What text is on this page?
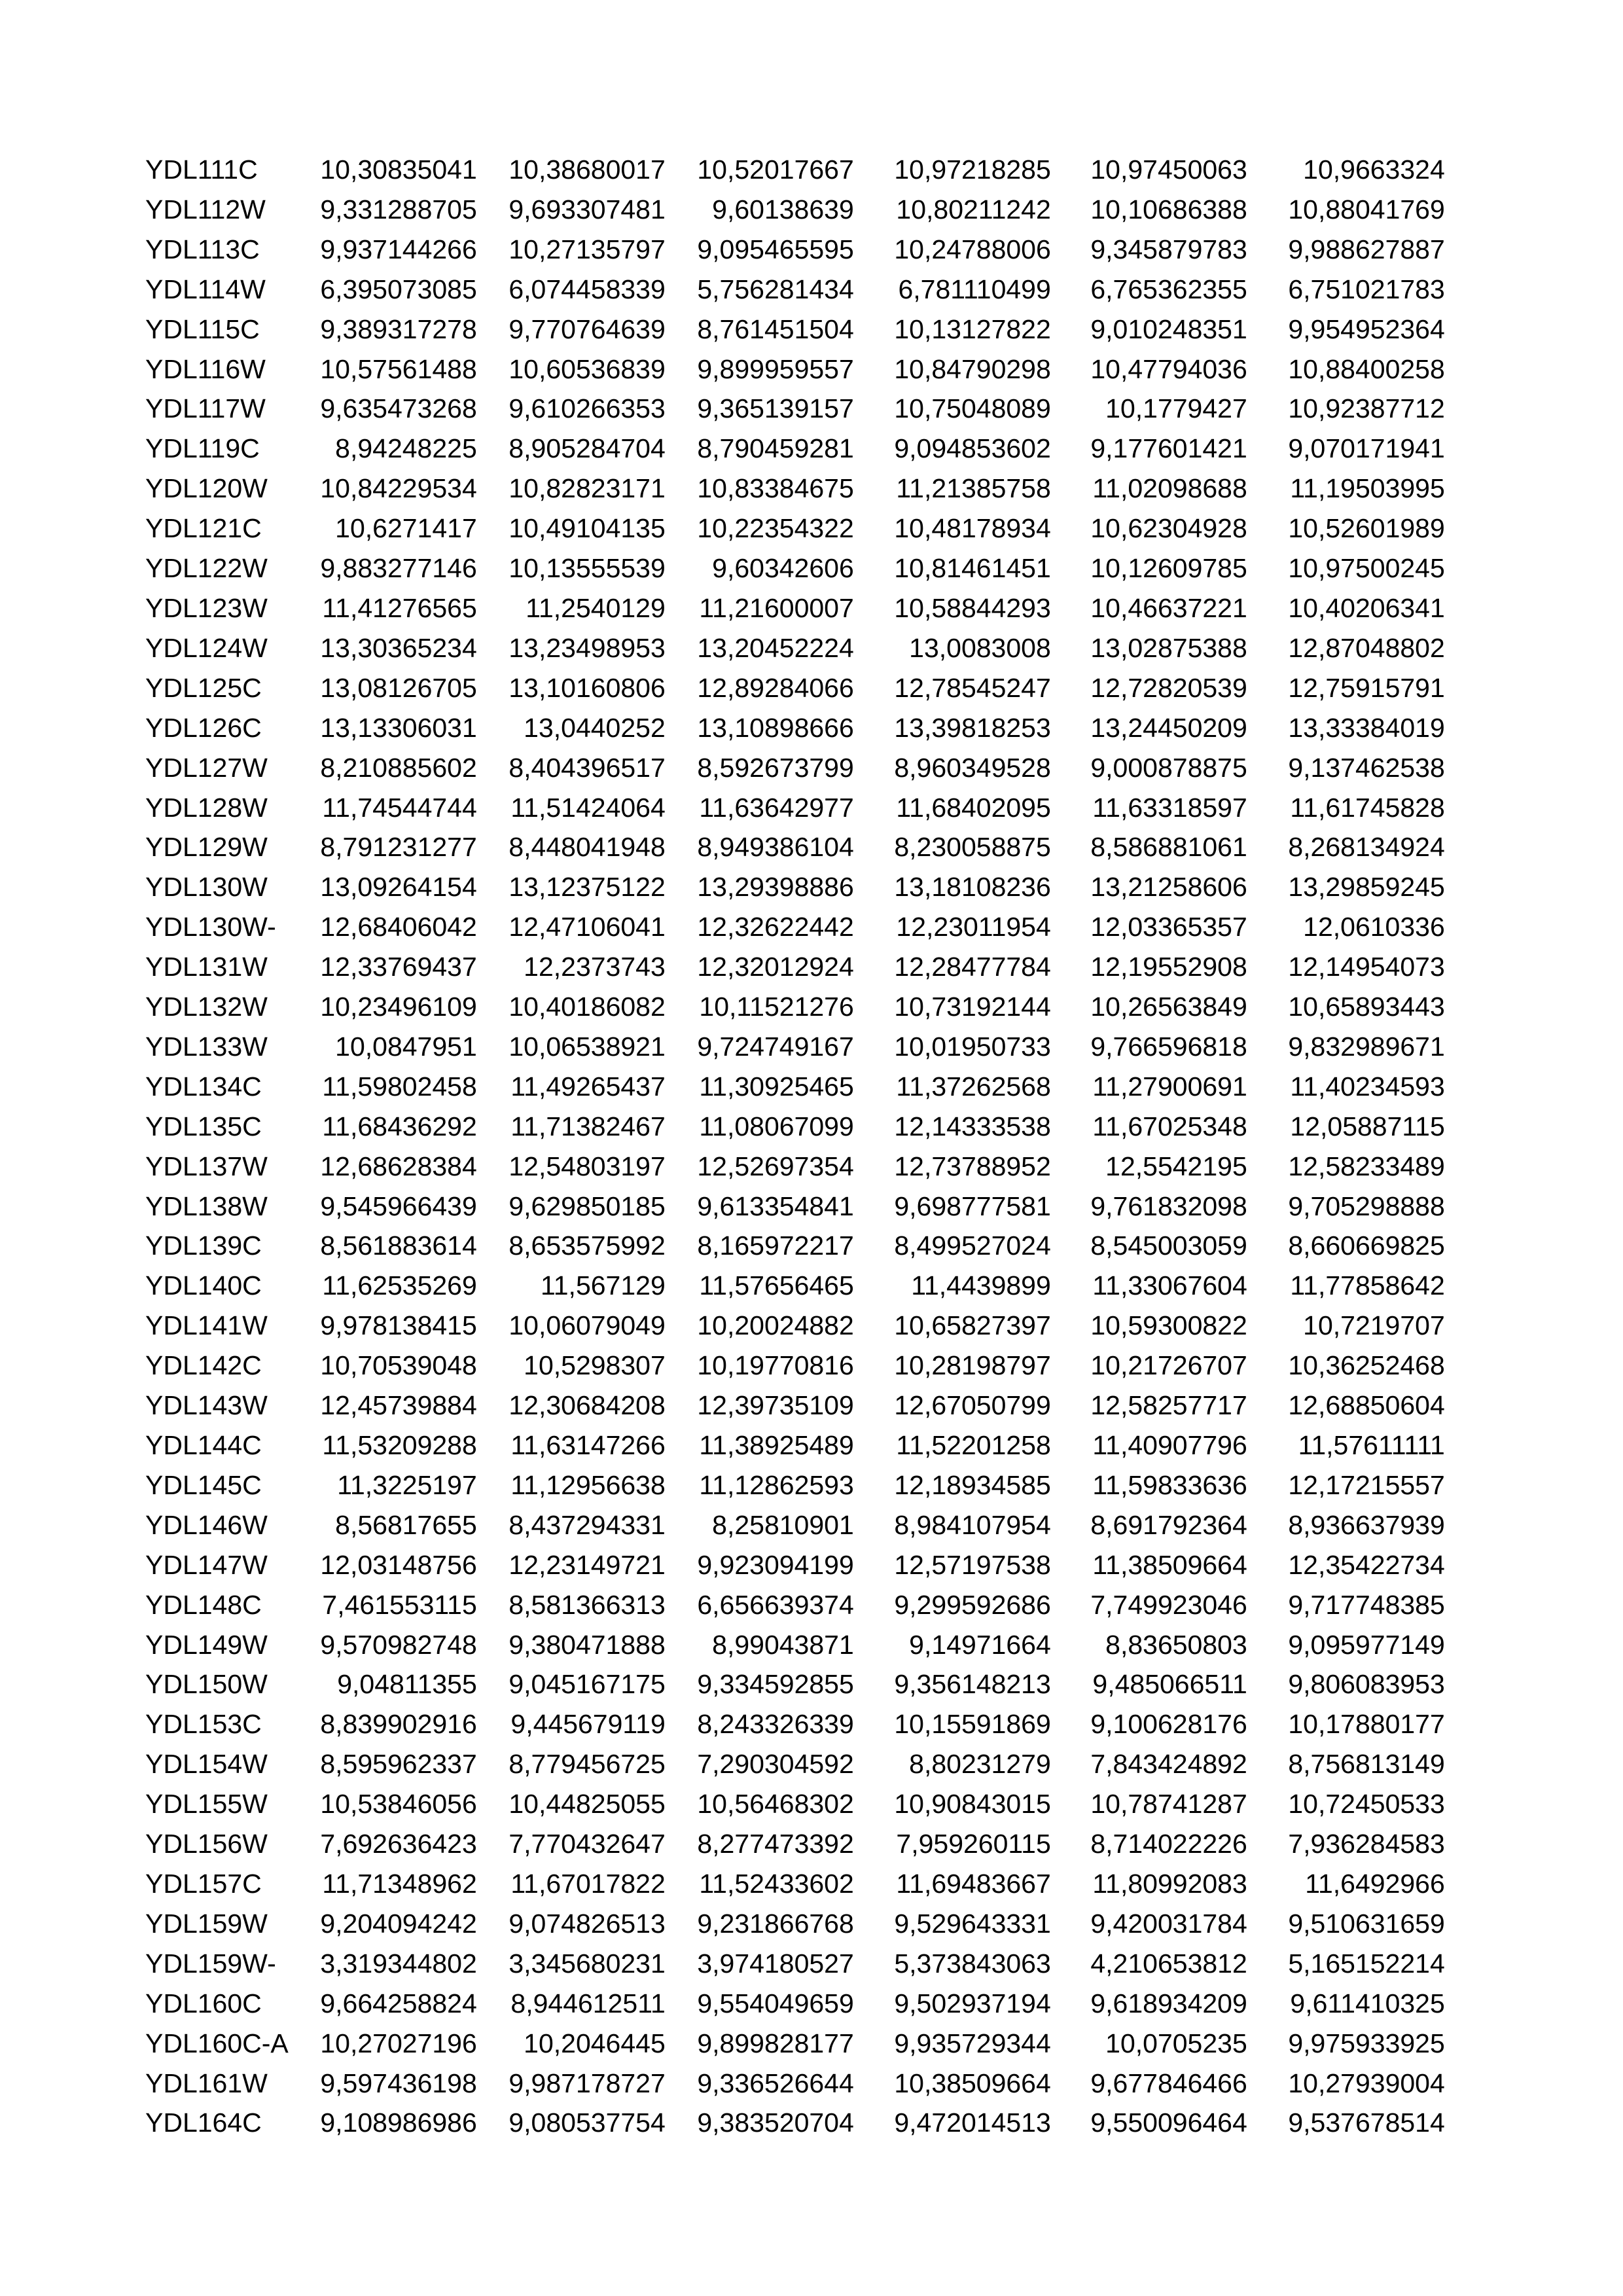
YDL111C	10,30835041	10,38680017	10,52017667	10,97218285	10,97450063	10,9663324
YDL112W	9,331288705	9,693307481	9,60138639	10,80211242	10,10686388	10,88041769
YDL113C	9,937144266	10,27135797	9,095465595	10,24788006	9,345879783	9,988627887
YDL114W	6,395073085	6,074458339	5,756281434	6,781110499	6,765362355	6,751021783
YDL115C	9,389317278	9,770764639	8,761451504	10,13127822	9,010248351	9,954952364
YDL116W	10,57561488	10,60536839	9,899959557	10,84790298	10,47794036	10,88400258
YDL117W	9,635473268	9,610266353	9,365139157	10,75048089	10,1779427	10,92387712
YDL119C	8,94248225	8,905284704	8,790459281	9,094853602	9,177601421	9,070171941
YDL120W	10,84229534	10,82823171	10,83384675	11,21385758	11,02098688	11,19503995
YDL121C	10,6271417	10,49104135	10,22354322	10,48178934	10,62304928	10,52601989
YDL122W	9,883277146	10,13555539	9,60342606	10,81461451	10,12609785	10,97500245
YDL123W	11,41276565	11,2540129	11,21600007	10,58844293	10,46637221	10,40206341
YDL124W	13,30365234	13,23498953	13,20452224	13,0083008	13,02875388	12,87048802
YDL125C	13,08126705	13,10160806	12,89284066	12,78545247	12,72820539	12,75915791
YDL126C	13,13306031	13,0440252	13,10898666	13,39818253	13,24450209	13,33384019
YDL127W	8,210885602	8,404396517	8,592673799	8,960349528	9,000878875	9,137462538
YDL128W	11,74544744	11,51424064	11,63642977	11,68402095	11,63318597	11,61745828
YDL129W	8,791231277	8,448041948	8,949386104	8,230058875	8,586881061	8,268134924
YDL130W	13,09264154	13,12375122	13,29398886	13,18108236	13,21258606	13,29859245
YDL130W-	12,68406042	12,47106041	12,32622442	12,23011954	12,03365357	12,0610336
YDL131W	12,33769437	12,2373743	12,32012924	12,28477784	12,19552908	12,14954073
YDL132W	10,23496109	10,40186082	10,11521276	10,73192144	10,26563849	10,65893443
YDL133W	10,0847951	10,06538921	9,724749167	10,01950733	9,766596818	9,832989671
YDL134C	11,59802458	11,49265437	11,30925465	11,37262568	11,27900691	11,40234593
YDL135C	11,68436292	11,71382467	11,08067099	12,14333538	11,67025348	12,05887115
YDL137W	12,68628384	12,54803197	12,52697354	12,73788952	12,5542195	12,58233489
YDL138W	9,545966439	9,629850185	9,613354841	9,698777581	9,761832098	9,705298888
YDL139C	8,561883614	8,653575992	8,165972217	8,499527024	8,545003059	8,660669825
YDL140C	11,62535269	11,567129	11,57656465	11,4439899	11,33067604	11,77858642
YDL141W	9,978138415	10,06079049	10,20024882	10,65827397	10,59300822	10,7219707
YDL142C	10,70539048	10,5298307	10,19770816	10,28198797	10,21726707	10,36252468
YDL143W	12,45739884	12,30684208	12,39735109	12,67050799	12,58257717	12,68850604
YDL144C	11,53209288	11,63147266	11,38925489	11,52201258	11,40907796	11,57611111
YDL145C	11,3225197	11,12956638	11,12862593	12,18934585	11,59833636	12,17215557
YDL146W	8,56817655	8,437294331	8,25810901	8,984107954	8,691792364	8,936637939
YDL147W	12,03148756	12,23149721	9,923094199	12,57197538	11,38509664	12,35422734
YDL148C	7,461553115	8,581366313	6,656639374	9,299592686	7,749923046	9,717748385
YDL149W	9,570982748	9,380471888	8,99043871	9,14971664	8,83650803	9,095977149
YDL150W	9,04811355	9,045167175	9,334592855	9,356148213	9,485066511	9,806083953
YDL153C	8,839902916	9,445679119	8,243326339	10,15591869	9,100628176	10,17880177
YDL154W	8,595962337	8,779456725	7,290304592	8,80231279	7,843424892	8,756813149
YDL155W	10,53846056	10,44825055	10,56468302	10,90843015	10,78741287	10,72450533
YDL156W	7,692636423	7,770432647	8,277473392	7,959260115	8,714022226	7,936284583
YDL157C	11,71348962	11,67017822	11,52433602	11,69483667	11,80992083	11,6492966
YDL159W	9,204094242	9,074826513	9,231866768	9,529643331	9,420031784	9,510631659
YDL159W-	3,319344802	3,345680231	3,974180527	5,373843063	4,210653812	5,165152214
YDL160C	9,664258824	8,944612511	9,554049659	9,502937194	9,618934209	9,611410325
YDL160C-A	10,27027196	10,2046445	9,899828177	9,935729344	10,0705235	9,975933925
YDL161W	9,597436198	9,987178727	9,336526644	10,38509664	9,677846466	10,27939004
YDL164C	9,108986986	9,080537754	9,383520704	9,472014513	9,550096464	9,537678514
